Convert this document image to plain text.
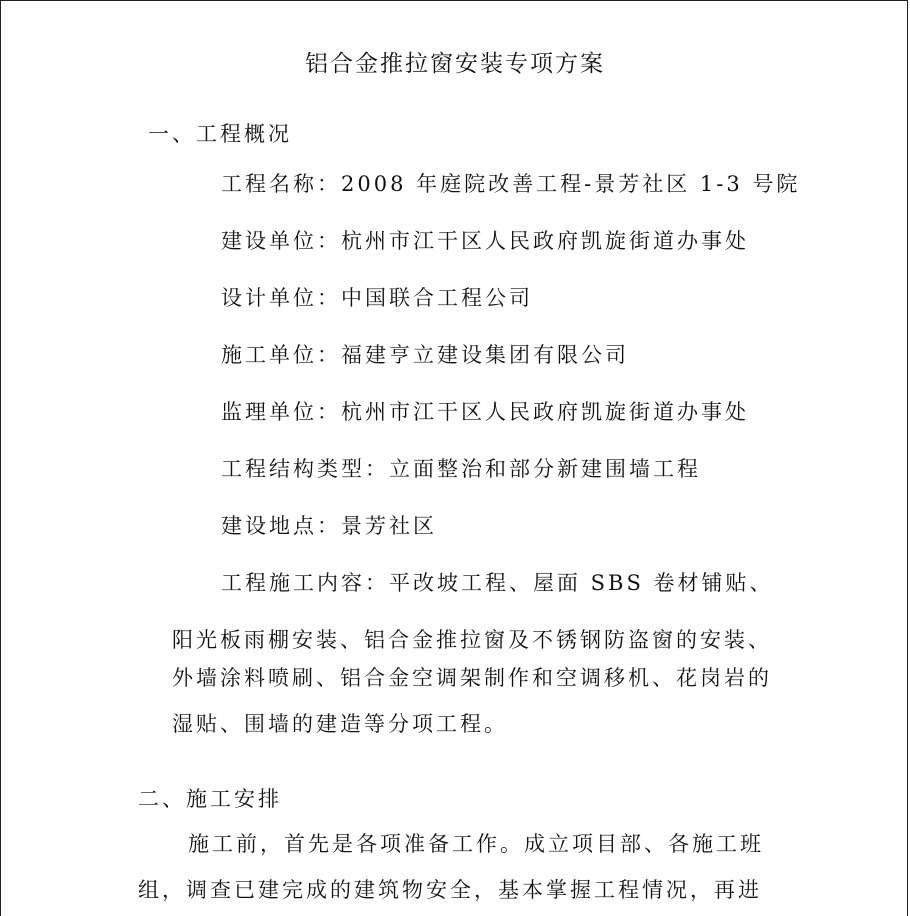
铝合金推拉窗安装专项方案
一、工程概况
工程名称：2008 年庭院改善工程-景芳社区 1-3 号院
建设单位：杭州市江干区人民政府凯旋街道办事处
设计单位：中国联合工程公司
施工单位：福建亨立建设集团有限公司
监理单位：杭州市江干区人民政府凯旋街道办事处
工程结构类型：立面整治和部分新建围墙工程
建设地点：景芳社区
工程施工内容：平改坡工程、屋面 SBS 卷材铺贴、
阳光板雨棚安装、铝合金推拉窗及不锈钢防盗窗的安装、
外墙涂料喷刷、铝合金空调架制作和空调移机、花岗岩的
湿贴、围墙的建造等分项工程。
二、施工安排
施工前，首先是各项准备工作。成立项目部、各施工班
组，调查已建完成的建筑物安全，基本掌握工程情况，再进
